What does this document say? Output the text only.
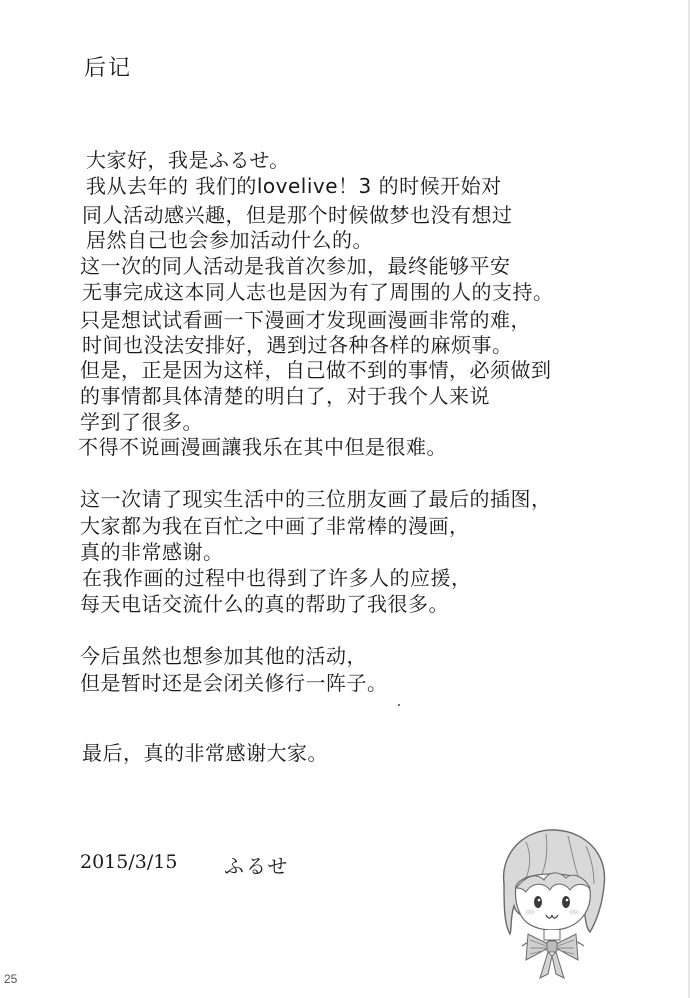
后记
大家好，我是ふるせ。
我从去年的 我们的lovelive！3 的时候开始对
同人活动感兴趣，但是那个时候做梦也没有想过
居然自己也会参加活动什么的。
这一次的同人活动是我首次参加，最终能够平安
无事完成这本同人志也是因为有了周围的人的支持。
只是想试试看画一下漫画才发现画漫画非常的难，
时间也没法安排好，遇到过各种各样的麻烦事。
但是，正是因为这样，自己做不到的事情，必须做到
的事情都具体清楚的明白了，对于我个人来说
学到了很多。
不得不说画漫画讓我乐在其中但是很难。
这一次请了现实生活中的三位朋友画了最后的插图，
大家都为我在百忙之中画了非常棒的漫画，
真的非常感谢。
在我作画的过程中也得到了许多人的应援，
每天电话交流什么的真的帮助了我很多。
今后虽然也想参加其他的活动，
但是暂时还是会闭关修行一阵子。
最后，真的非常感谢大家。
2015/3/15 ふるせ
25
